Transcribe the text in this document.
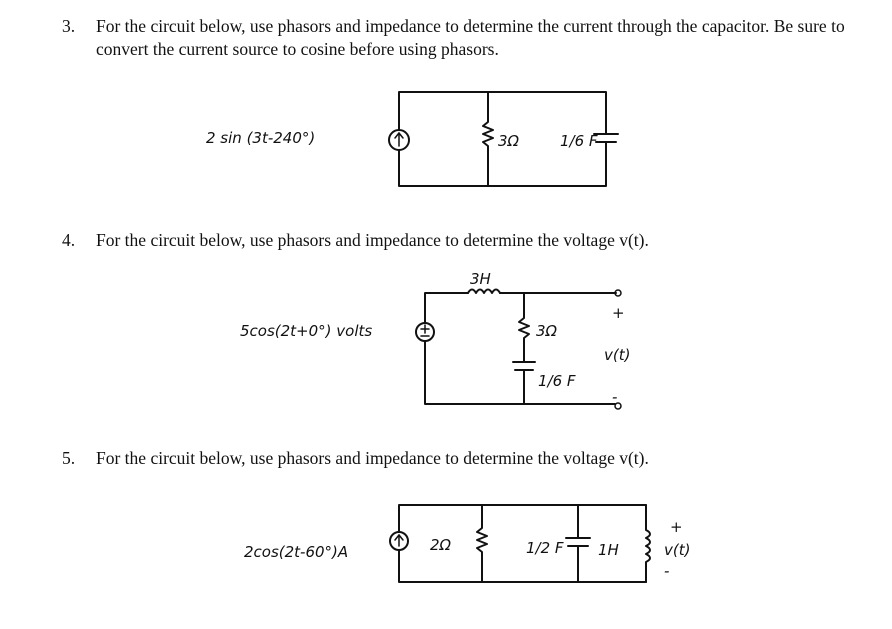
3. For the circuit below, use phasors and impedance to determine the current through the capacitor. Be sure to convert the current source to cosine before using phasors.
4. For the circuit below, use phasors and impedance to determine the voltage v(t).
5. For the circuit below, use phasors and impedance to determine the voltage v(t).
2 sin (3t-240°)	3Ω	1/6 F
5cos(2t+0°) volts
3H
+
v(t)
-
3Ω
1/6 F
2cos(2t-60°)A	2Ω	1/2 F 1H
+
v(t)
-
